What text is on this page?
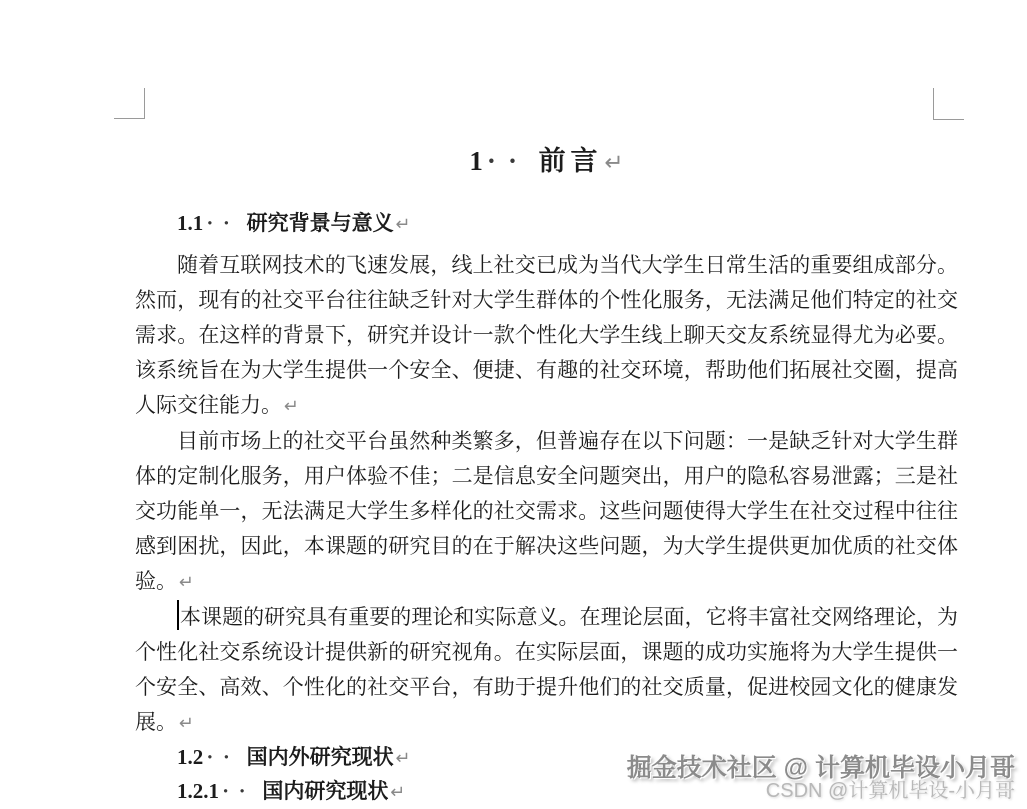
1 ·· 前言↵
1.1 ·· 研究背景与意义 ↵

随着互联网技术的飞速发展，线上社交已成为当代大学生日常生活的重要组成部分。然而，现有的社交平台往往缺乏针对大学生群体的个性化服务，无法满足他们特定的社交需求。在这样的背景下，研究并设计一款个性化大学生线上聊天交友系统显得尤为必要。该系统旨在为大学生提供一个安全、便捷、有趣的社交环境，帮助他们拓展社交圈，提高人际交往能力。 ↵

目前市场上的社交平台虽然种类繁多，但普遍存在以下问题：一是缺乏针对大学生群体的定制化服务，用户体验不佳；二是信息安全问题突出，用户的隐私容易泄露；三是社交功能单一，无法满足大学生多样化的社交需求。这些问题使得大学生在社交过程中往往感到困扰，因此，本课题的研究目的在于解决这些问题，为大学生提供更加优质的社交体验。 ↵

本课题的研究具有重要的理论和实际意义。在理论层面，它将丰富社交网络理论，为个性化社交系统设计提供新的研究视角。在实际层面，课题的成功实施将为大学生提供一个安全、高效、个性化的社交平台，有助于提升他们的社交质量，促进校园文化的健康发展。 ↵

1.2 ·· 国内外研究现状 ↵
1.2.1 ·· 国内研究现状 ↵
掘金技术社区 @ 计算机毕设小月哥
CSDN @计算机毕设-小月哥
